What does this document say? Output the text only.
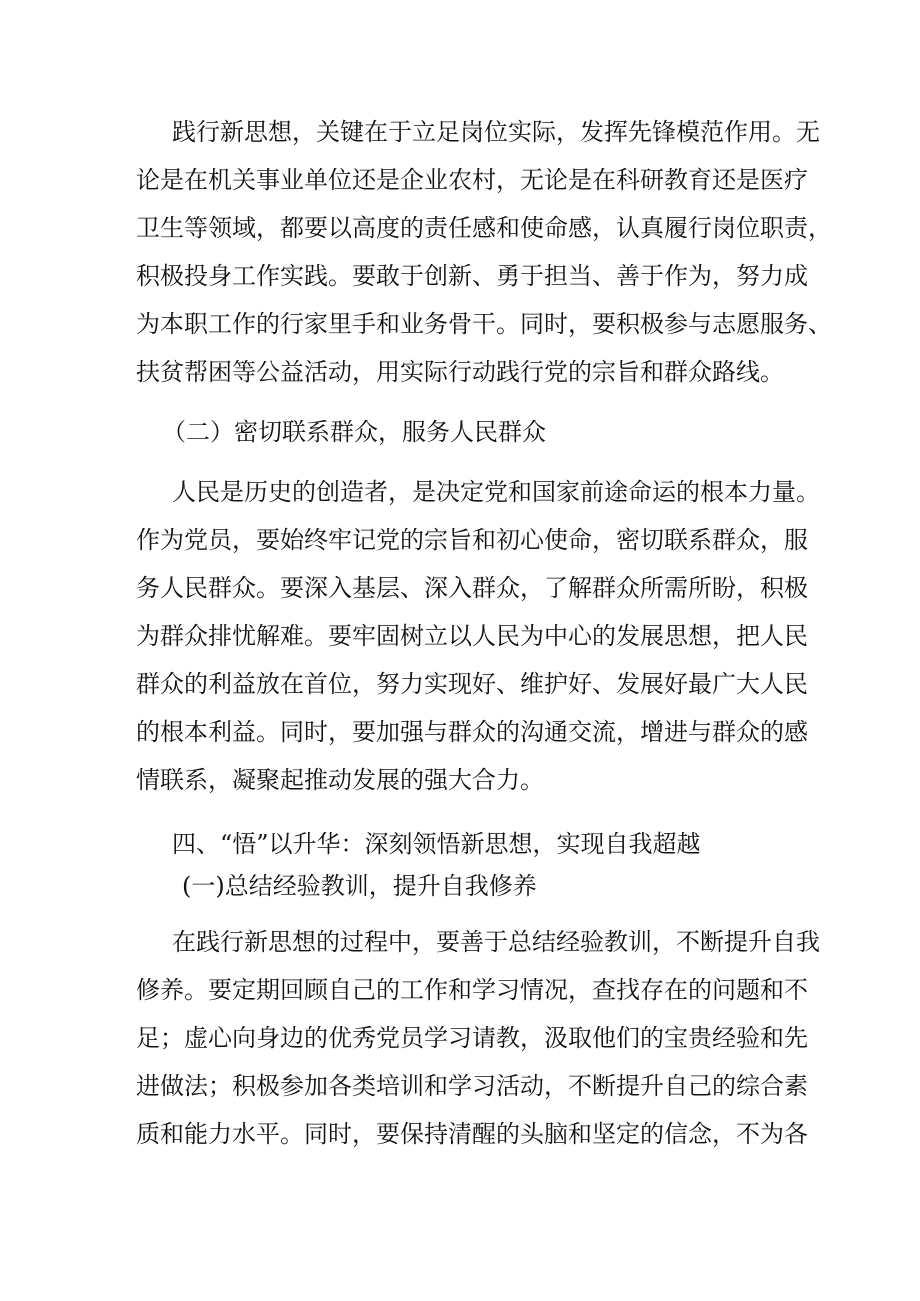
践行新思想，关键在于立足岗位实际，发挥先锋模范作用。无
论是在机关事业单位还是企业农村，无论是在科研教育还是医疗
卫生等领域，都要以高度的责任感和使命感，认真履行岗位职责，
积极投身工作实践。要敢于创新、勇于担当、善于作为，努力成
为本职工作的行家里手和业务骨干。同时，要积极参与志愿服务、
扶贫帮困等公益活动，用实际行动践行党的宗旨和群众路线。
（二）密切联系群众，服务人民群众
人民是历史的创造者，是决定党和国家前途命运的根本力量。
作为党员，要始终牢记党的宗旨和初心使命，密切联系群众，服
务人民群众。要深入基层、深入群众，了解群众所需所盼，积极
为群众排忧解难。要牢固树立以人民为中心的发展思想，把人民
群众的利益放在首位，努力实现好、维护好、发展好最广大人民
的根本利益。同时，要加强与群众的沟通交流，增进与群众的感
情联系，凝聚起推动发展的强大合力。
四、“悟”以升华：深刻领悟新思想，实现自我超越
(一)总结经验教训，提升自我修养
在践行新思想的过程中，要善于总结经验教训，不断提升自我
修养。要定期回顾自己的工作和学习情况，查找存在的问题和不
足；虚心向身边的优秀党员学习请教，汲取他们的宝贵经验和先
进做法；积极参加各类培训和学习活动，不断提升自己的综合素
质和能力水平。同时，要保持清醒的头脑和坚定的信念，不为各
